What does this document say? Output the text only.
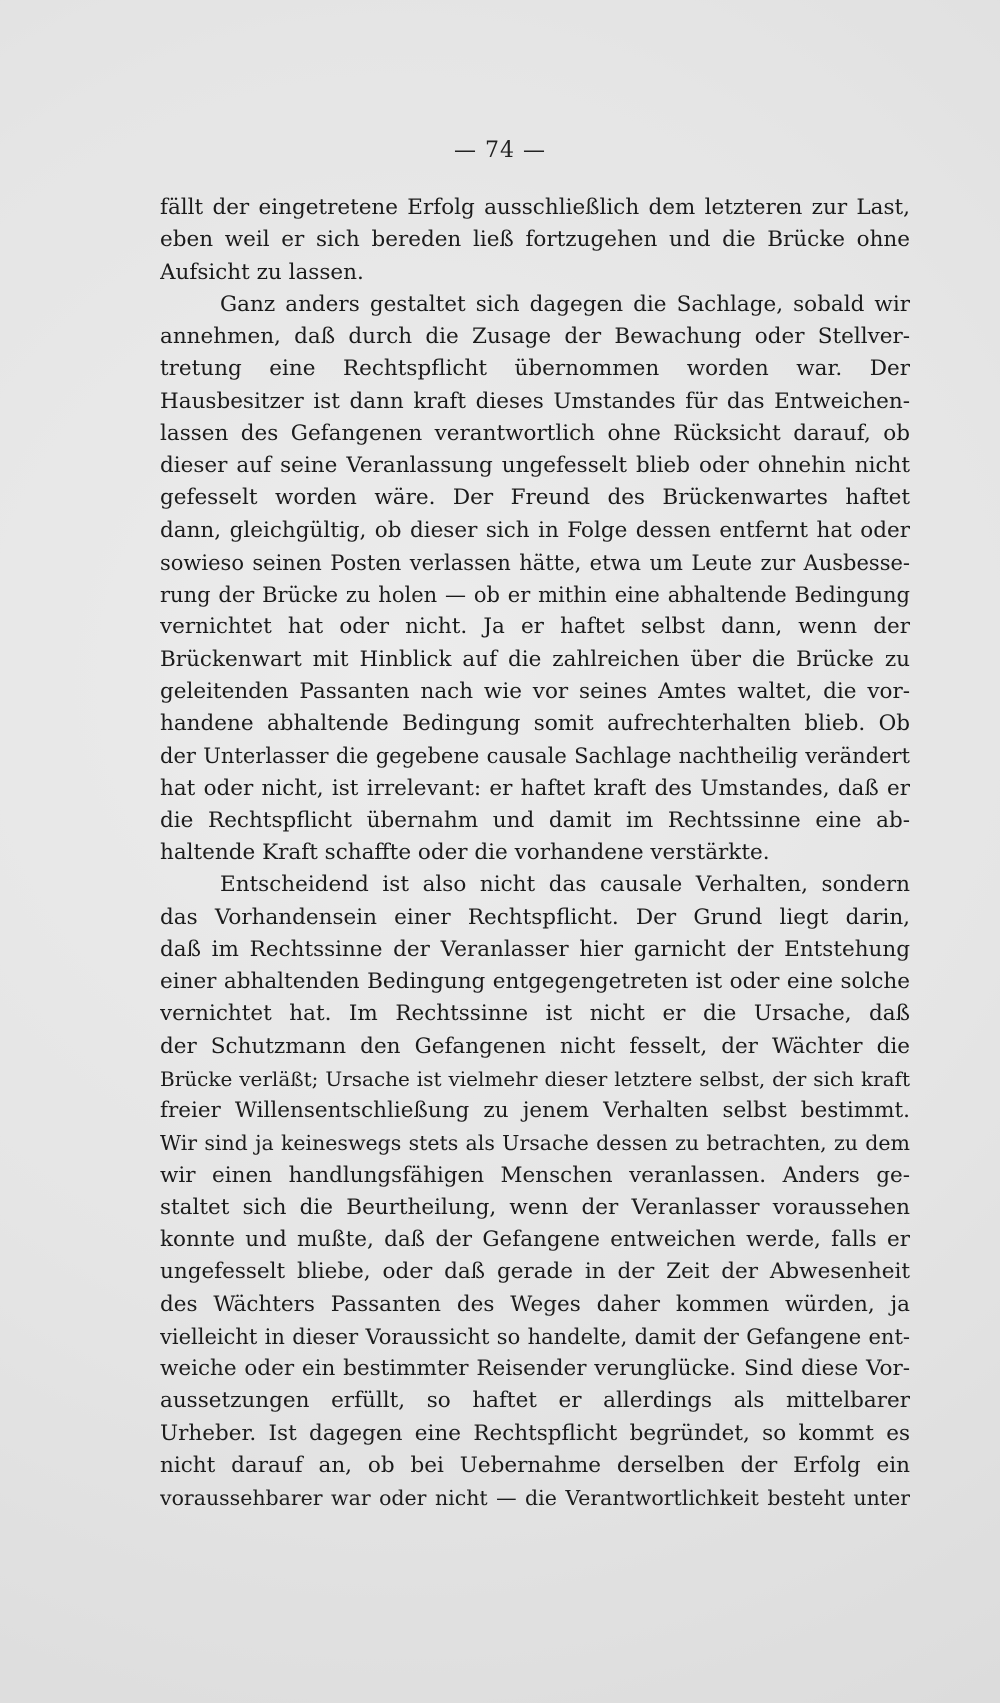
— 74 —
fällt der eingetretene Erfolg ausschließlich dem letzteren zur Last,
eben weil er sich bereden ließ fortzugehen und die Brücke ohne
Aufsicht zu lassen.
Ganz anders gestaltet sich dagegen die Sachlage, sobald wir
annehmen, daß durch die Zusage der Bewachung oder Stellver-
tretung eine Rechtspflicht übernommen worden war. Der
Hausbesitzer ist dann kraft dieses Umstandes für das Entweichen-
lassen des Gefangenen verantwortlich ohne Rücksicht darauf, ob
dieser auf seine Veranlassung ungefesselt blieb oder ohnehin nicht
gefesselt worden wäre. Der Freund des Brückenwartes haftet
dann, gleichgültig, ob dieser sich in Folge dessen entfernt hat oder
sowieso seinen Posten verlassen hätte, etwa um Leute zur Ausbesse-
rung der Brücke zu holen — ob er mithin eine abhaltende Bedingung
vernichtet hat oder nicht. Ja er haftet selbst dann, wenn der
Brückenwart mit Hinblick auf die zahlreichen über die Brücke zu
geleitenden Passanten nach wie vor seines Amtes waltet, die vor-
handene abhaltende Bedingung somit aufrechterhalten blieb. Ob
der Unterlasser die gegebene causale Sachlage nachtheilig verändert
hat oder nicht, ist irrelevant: er haftet kraft des Umstandes, daß er
die Rechtspflicht übernahm und damit im Rechtssinne eine ab-
haltende Kraft schaffte oder die vorhandene verstärkte.
Entscheidend ist also nicht das causale Verhalten, sondern
das Vorhandensein einer Rechtspflicht. Der Grund liegt darin,
daß im Rechtssinne der Veranlasser hier garnicht der Entstehung
einer abhaltenden Bedingung entgegengetreten ist oder eine solche
vernichtet hat. Im Rechtssinne ist nicht er die Ursache, daß
der Schutzmann den Gefangenen nicht fesselt, der Wächter die
Brücke verläßt; Ursache ist vielmehr dieser letztere selbst, der sich kraft
freier Willensentschließung zu jenem Verhalten selbst bestimmt.
Wir sind ja keineswegs stets als Ursache dessen zu betrachten, zu dem
wir einen handlungsfähigen Menschen veranlassen. Anders ge-
staltet sich die Beurtheilung, wenn der Veranlasser voraussehen
konnte und mußte, daß der Gefangene entweichen werde, falls er
ungefesselt bliebe, oder daß gerade in der Zeit der Abwesenheit
des Wächters Passanten des Weges daher kommen würden, ja
vielleicht in dieser Voraussicht so handelte, damit der Gefangene ent-
weiche oder ein bestimmter Reisender verunglücke. Sind diese Vor-
aussetzungen erfüllt, so haftet er allerdings als mittelbarer
Urheber. Ist dagegen eine Rechtspflicht begründet, so kommt es
nicht darauf an, ob bei Uebernahme derselben der Erfolg ein
voraussehbarer war oder nicht — die Verantwortlichkeit besteht unter
